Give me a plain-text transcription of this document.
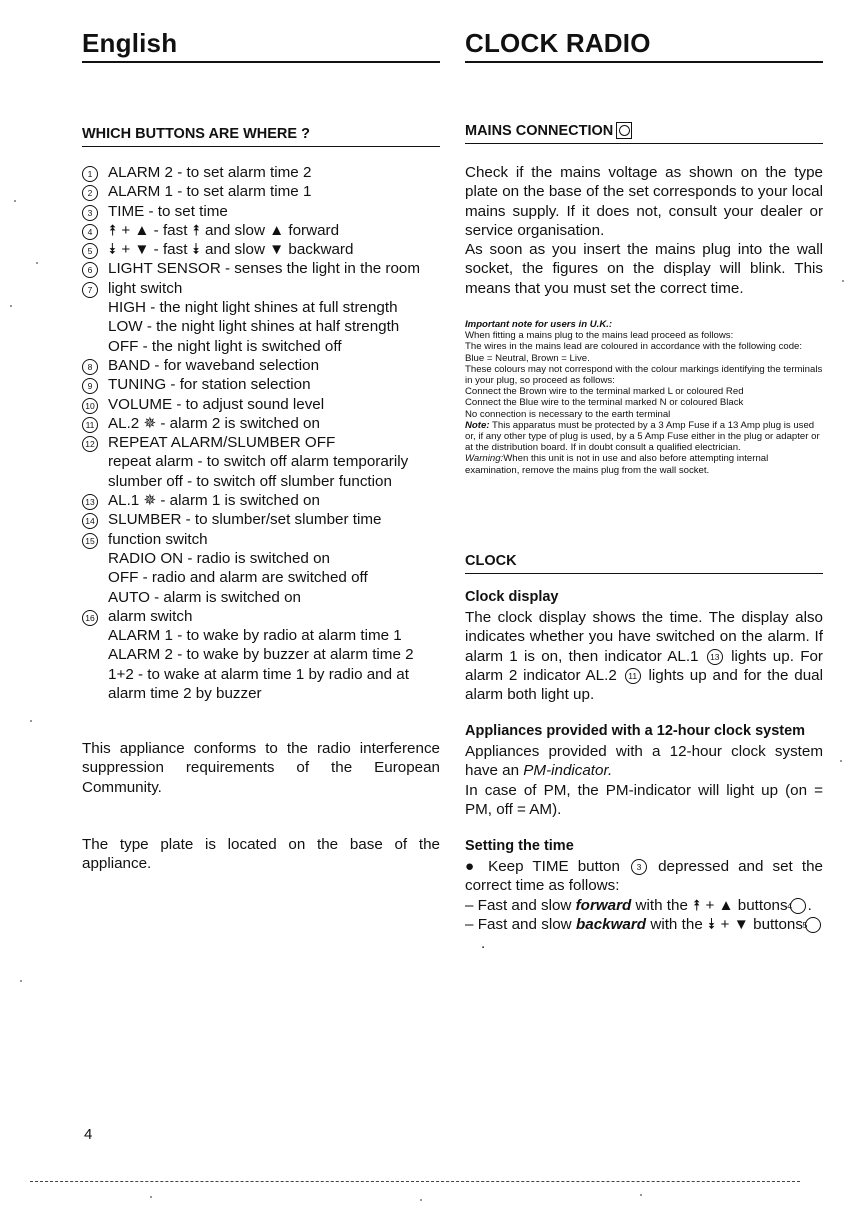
English
WHICH BUTTONS ARE WHERE ?
1	ALARM 2 - to set alarm time 2
2	ALARM 1 - to set alarm time 1
3	TIME - to set time
4	⯭ + ▲ - fast ⯭ and slow ▲ forward
5	⯯ + ▼ - fast ⯯ and slow ▼ backward
6	LIGHT SENSOR - senses the light in the room
7	light switch
HIGH - the night light shines at full strength
LOW - the night light shines at half strength
OFF - the night light is switched off
8	BAND - for waveband selection
9	TUNING - for station selection
10 VOLUME - to adjust sound level
11 AL.2 ✵ - alarm 2 is switched on
12 REPEAT ALARM/SLUMBER OFF
repeat alarm - to switch off alarm temporarily
slumber off - to switch off slumber function
13 AL.1 ✵ - alarm 1 is switched on
14 SLUMBER - to slumber/set slumber time
15 function switch
RADIO ON - radio is switched on
OFF - radio and alarm are switched off
AUTO - alarm is switched on
16 alarm switch
ALARM 1 - to wake by radio at alarm time 1
ALARM 2 - to wake by buzzer at alarm time 2
1+2 - to wake at alarm time 1 by radio and at alarm time 2 by buzzer
This appliance conforms to the radio interference suppression requirements of the European Community.
The type plate is located on the base of the appliance.
CLOCK RADIO
MAINS CONNECTION
Check if the mains voltage as shown on the type plate on the base of the set corresponds to your local mains supply. If it does not, consult your dealer or service organisation.
As soon as you insert the mains plug into the wall socket, the figures on the display will blink. This means that you must set the correct time.
Important note for users in U.K.:
When fitting a mains plug to the mains lead proceed as follows:
The wires in the mains lead are coloured in accordance with the following code: Blue = Neutral, Brown = Live.
These colours may not correspond with the colour markings identifying the terminals in your plug, so proceed as follows:
Connect the Brown wire to the terminal marked L or coloured Red
Connect the Blue wire to the terminal marked N or coloured Black
No connection is necessary to the earth terminal
Note: This apparatus must be protected by a 3 Amp Fuse if a 13 Amp plug is used or, if any other type of plug is used, by a 5 Amp Fuse either in the plug or adapter or at the distribution board. If in doubt consult a qualified electrician.
Warning:When this unit is not in use and also before attempting internal examination, remove the mains plug from the wall socket.
CLOCK
Clock display
The clock display shows the time. The display also indicates whether you have switched on the alarm. If alarm 1 is on, then indicator AL.1 13 lights up. For alarm 2 indicator AL.2 11 lights up and for the dual alarm both light up.
Appliances provided with a 12-hour clock system
Appliances provided with a 12-hour clock system have an PM-indicator.
In case of PM, the PM-indicator will light up (on = PM, off = AM).
Setting the time
● Keep TIME button 3 depressed and set the correct time as follows:
– Fast and slow forward with the ⯭ + ▲ buttons4 .
– Fast and slow backward with the ⯯ + ▼ buttons5.
4
